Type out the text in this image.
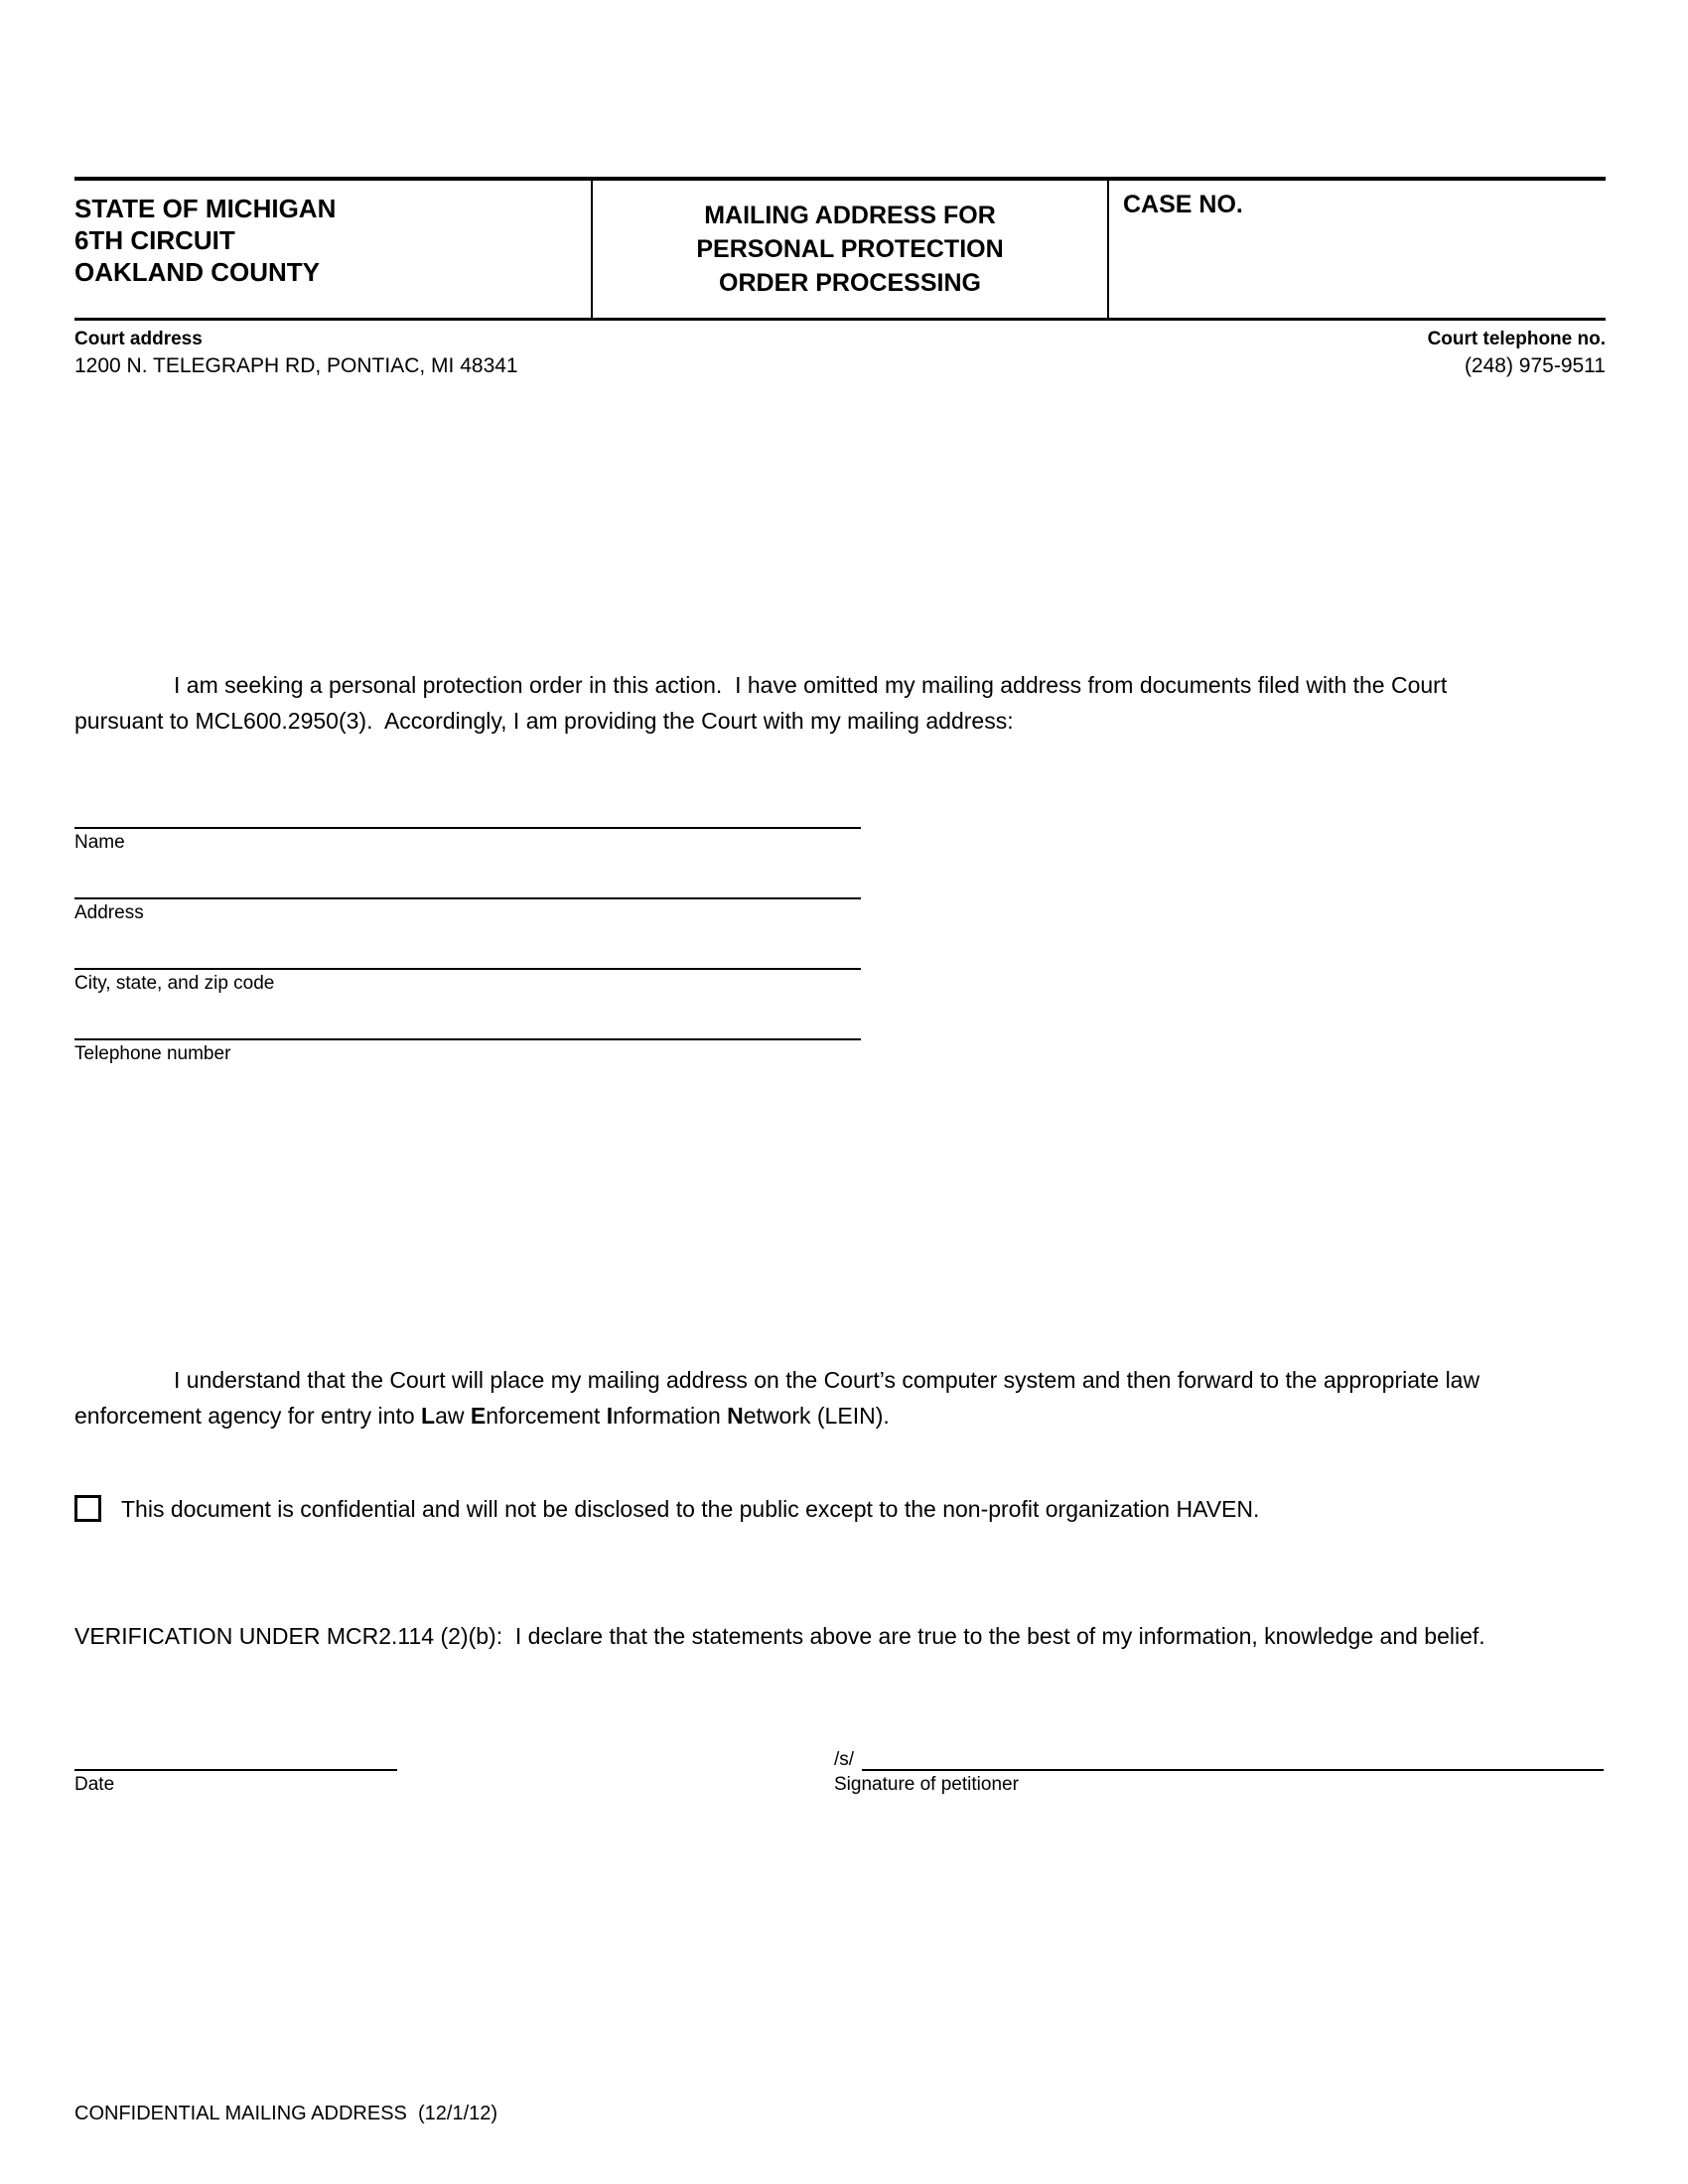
STATE OF MICHIGAN
6TH CIRCUIT
OAKLAND COUNTY
MAILING ADDRESS FOR
PERSONAL PROTECTION
ORDER PROCESSING
CASE NO.
Court address
1200 N. TELEGRAPH RD, PONTIAC, MI 48341
Court telephone no.
(248) 975-9511

I am seeking a personal protection order in this action.  I have omitted my mailing address from documents filed with the Court pursuant to MCL600.2950(3).  Accordingly, I am providing the Court with my mailing address:

Name
Address
City, state, and zip code
Telephone number

I understand that the Court will place my mailing address on the Court’s computer system and then forward to the appropriate law enforcement agency for entry into Law Enforcement Information Network (LEIN).

This document is confidential and will not be disclosed to the public except to the non-profit organization HAVEN.

VERIFICATION UNDER MCR2.114 (2)(b):  I declare that the statements above are true to the best of my information, knowledge and belief.

Date
/s/
Signature of petitioner
CONFIDENTIAL MAILING ADDRESS  (12/1/12)
